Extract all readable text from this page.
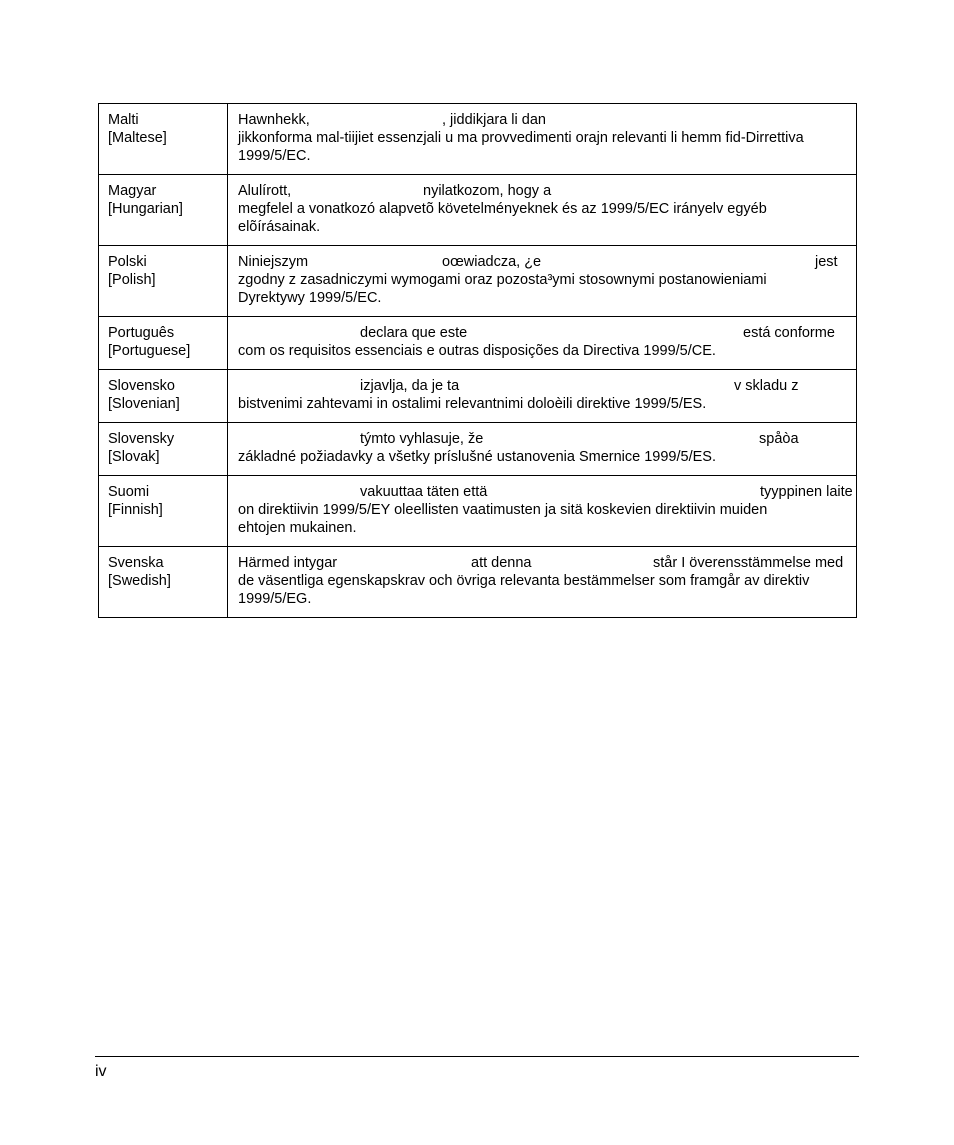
Malti
[Maltese]	Hawnhekk, , jiddikjara li dan
jikkonforma mal-tiijiet essenzjali u ma provvedimenti orajn relevanti li hemm fid-Dirrettiva
1999/5/EC.

Magyar
[Hungarian]	Alulírott, nyilatkozom, hogy a
megfelel a vonatkozó alapvetõ követelményeknek és az 1999/5/EC irányelv egyéb
elõírásainak.

Polski
[Polish]	Niniejszym oœwiadcza, ¿e jest
zgodny z zasadniczymi wymogami oraz pozosta³ymi stosownymi postanowieniami
Dyrektywy 1999/5/EC.

Português
[Portuguese]	declara que este está conforme
com os requisitos essenciais e outras disposições da Directiva 1999/5/CE.

Slovensko
[Slovenian]	izjavlja, da je ta v skladu z
bistvenimi zahtevami in ostalimi relevantnimi doloèili direktive 1999/5/ES.

Slovensky
[Slovak]	týmto vyhlasuje, že spåòa
základné požiadavky a všetky príslušné ustanovenia Smernice 1999/5/ES.

Suomi
[Finnish]	vakuuttaa täten että tyyppinen laite
on direktiivin 1999/5/EY oleellisten vaatimusten ja sitä koskevien direktiivin muiden
ehtojen mukainen.

Svenska
[Swedish]	Härmed intygar att denna står I överensstämmelse med
de väsentliga egenskapskrav och övriga relevanta bestämmelser som framgår av direktiv
1999/5/EG.
iv
